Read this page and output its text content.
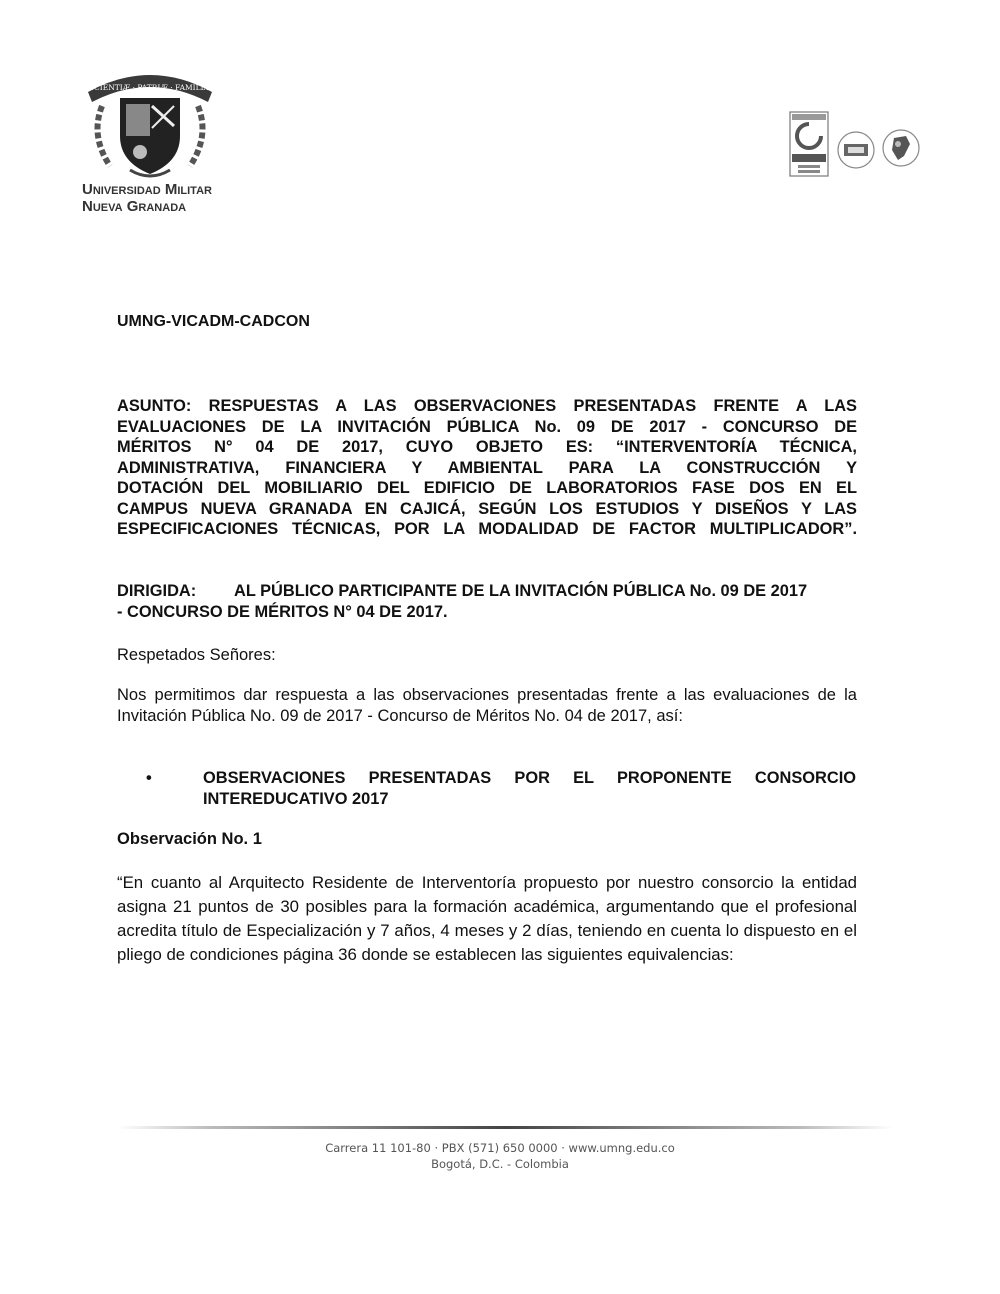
SCIENTIÆ · PATRIÆ · FAMILIÆ
Universidad Militar
Nueva Granada
UMNG-VICADM-CADCON
ASUNTO: RESPUESTAS A LAS OBSERVACIONES PRESENTADAS FRENTE A LAS
EVALUACIONES DE LA INVITACIÓN PÚBLICA No. 09 DE 2017 - CONCURSO DE
MÉRITOS N° 04 DE 2017, CUYO OBJETO ES: “INTERVENTORÍA TÉCNICA,
ADMINISTRATIVA, FINANCIERA Y AMBIENTAL PARA LA CONSTRUCCIÓN Y
DOTACIÓN DEL MOBILIARIO DEL EDIFICIO DE LABORATORIOS FASE DOS EN EL
CAMPUS NUEVA GRANADA EN CAJICÁ, SEGÚN LOS ESTUDIOS Y DISEÑOS Y LAS
ESPECIFICACIONES TÉCNICAS, POR LA MODALIDAD DE FACTOR MULTIPLICADOR”.
DIRIGIDA: AL PÚBLICO PARTICIPANTE DE LA INVITACIÓN PÚBLICA No. 09 DE 2017
- CONCURSO DE MÉRITOS N° 04 DE 2017.
Respetados Señores:
Nos permitimos dar respuesta a las observaciones presentadas frente a las evaluaciones de la Invitación Pública No. 09 de 2017 - Concurso de Méritos No. 04 de 2017, así:
•	OBSERVACIONES PRESENTADAS POR EL PROPONENTE CONSORCIO INTEREDUCATIVO 2017
Observación No. 1
“En cuanto al Arquitecto Residente de Interventoría propuesto por nuestro consorcio la entidad asigna 21 puntos de 30 posibles para la formación académica, argumentando que el profesional acredita título de Especialización y 7 años, 4 meses y 2 días, teniendo en cuenta lo dispuesto en el pliego de condiciones página 36 donde se establecen las siguientes equivalencias:
Carrera 11 101-80 · PBX (571) 650 0000 · www.umng.edu.co
Bogotá, D.C. - Colombia
